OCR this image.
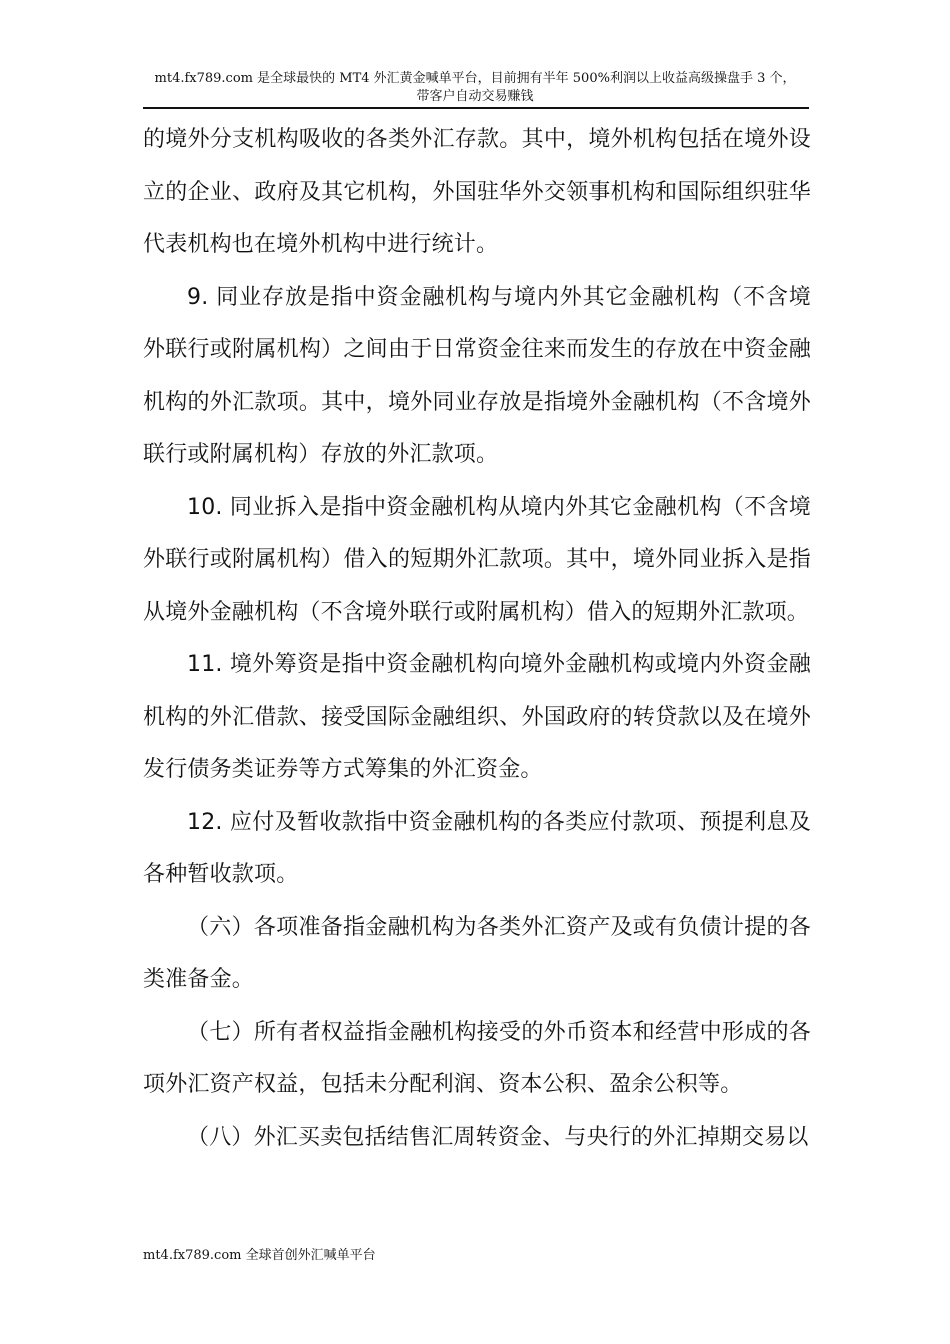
mt4.fx789.com 是全球最快的 MT4 外汇黄金喊单平台，目前拥有半年 500%利润以上收益高级操盘手 3 个，
带客户自动交易赚钱

的境外分支机构吸收的各类外汇存款。其中，境外机构包括在境外设立的企业、政府及其它机构，外国驻华外交领事机构和国际组织驻华代表机构也在境外机构中进行统计。

9. 同业存放是指中资金融机构与境内外其它金融机构（不含境外联行或附属机构）之间由于日常资金往来而发生的存放在中资金融机构的外汇款项。其中，境外同业存放是指境外金融机构（不含境外联行或附属机构）存放的外汇款项。

10. 同业拆入是指中资金融机构从境内外其它金融机构（不含境外联行或附属机构）借入的短期外汇款项。其中，境外同业拆入是指从境外金融机构（不含境外联行或附属机构）借入的短期外汇款项。

11. 境外筹资是指中资金融机构向境外金融机构或境内外资金融机构的外汇借款、接受国际金融组织、外国政府的转贷款以及在境外发行债务类证券等方式筹集的外汇资金。

12. 应付及暂收款指中资金融机构的各类应付款项、预提利息及各种暂收款项。

（六）各项准备指金融机构为各类外汇资产及或有负债计提的各类准备金。

（七）所有者权益指金融机构接受的外币资本和经营中形成的各项外汇资产权益，包括未分配利润、资本公积、盈余公积等。

（八）外汇买卖包括结售汇周转资金、与央行的外汇掉期交易以

mt4.fx789.com 全球首创外汇喊单平台
